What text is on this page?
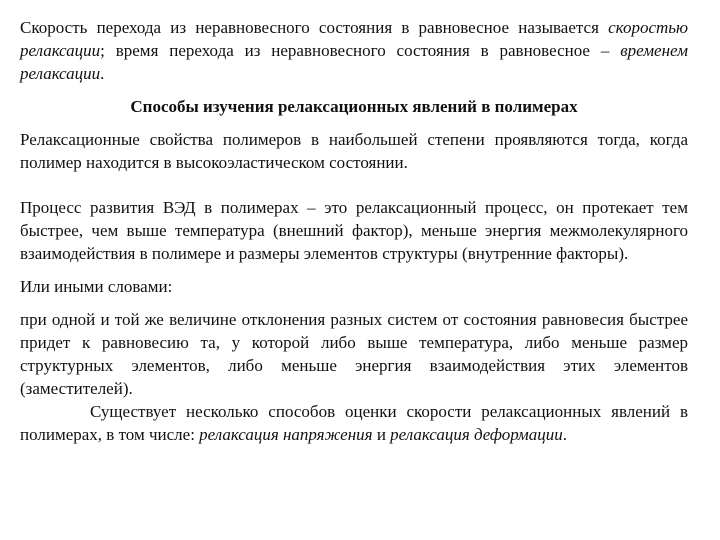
Скорость перехода из неравновесного состояния в равновесное называется скоростью релаксации; время перехода из неравновесного состояния в равновесное – временем релаксации.

Способы изучения релаксационных явлений в полимерах

Релаксационные свойства полимеров в наибольшей степени проявляются тогда, когда полимер находится в высокоэластическом состоянии.

Процесс развития ВЭД в полимерах – это релаксационный процесс, он протекает тем быстрее, чем выше температура (внешний фактор), меньше энергия межмолекулярного взаимодействия в полимере и размеры элементов структуры (внутренние факторы).

Или иными словами:

при одной и той же величине отклонения разных систем от состояния равновесия быстрее придет к равновесию та, у которой либо выше температура, либо меньше размер структурных элементов, либо меньше энергия взаимодействия этих элементов (заместителей).

Существует несколько способов оценки скорости релаксационных явлений в полимерах, в том числе: релаксация напряжения и релаксация деформации.
